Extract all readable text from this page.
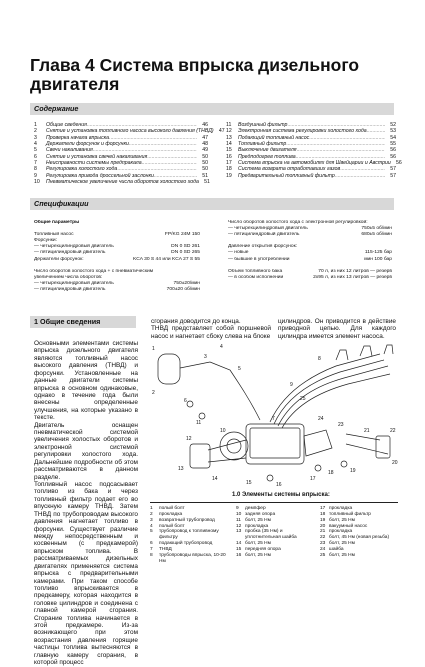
Глава 4 Система впрыска дизельного двигателя
Содержание
1	Общие сведения .....	46
2	Снятие и установка топливного насоса высокого давления (ТНВД)	47
3	Проверка начала впрыска .....	47
4	Держатели форсунок и форсунки .....	48
5	Свечи накаливания .....	49
6	Снятие и установка свечей накаливания .....	50
7	Неисправности системы предпракала .....	50
8	Регулировка холостого хода .....	50
9	Регулировка привода дроссельной заслонки .....	51
10	Пневматическое увеличение числа оборотов холостого хода	51
11	Воздушный фильтр .....	52
12	Электронная система регулировки холостого хода .....	53
13	Подающий топливный насос .....	54
14	Топливный фильтр .....	55
15	Выключение двигателя .....	56
16	Предподогрев топлива .....	56
17	Система впрыска на автомобилях для Швейцарии и Австрии	56
18	Система возврата отработавших газов .....	57
19	Предварительный топливный фильтр .....	57
Спецификации
Общие параметры
Топливный насос	FP/KG 24M 150
Форсунки:
— четырехцилиндровый двигатель	DN 0 SD 261
— пятицилиндровый двигатель	DN 0 SD 265
Держатели форсунок:	KCA 30 S 44 или KCA 27 S 55
Число оборотов холостого хода + с пневматическим
увеличением числа оборотов:
— четырехцилиндровый двигатель	750±20/мин
— пятицилиндровый двигатель	700±20 об/мин
Число оборотов холостого хода с электронной регулировкой:
— четырехцилиндровый двигатель	750±5 об/мин
— пятицилиндровый двигатель	680±5 об/мин
Давление открытия форсунок:
— новые	115-125 бар
— бывшие в употреблении	мин 100 бар
Объем топливного бака	70 л, из них 12 литров — резерв
— в особом исполнении	2x95 л, из них 13 литров — резерв
1 Общие сведения

Основными элементами системы впрыска дизельного двигателя являются топливный насос высокого давления (ТНВД) и форсунки. Установленные на данные двигатели системы впрыска в основном одинаковые, однако в течение года были внесены определенные улучшения, на которые указано в тексте.

Двигатель оснащен пневматической системой увеличения холостых оборотов и электронной системой регулировки холостого хода. Дальнейшие подробности об этом рассматриваются в данном разделе.

Топливный насос подсасывает топливо из бака и через топливный фильтр подает его во впускную камеру ТНВД. Затем ТНВД по трубопроводам высокого давления нагнетает топливо в форсунки. Существует различие между непосредственным и косвенным (с предкамерой) впрыском топлива. В рассматриваемых дизельных двигателях применяется система впрыска с предварительными камерами. При таком способе топливо впрыскивается в предкамеру, которая находится в головке цилиндров и соединена с главной камерой сгорания. Сгорание топлива начинается в этой предкамере. Из-за возникающего при этом возрастания давления горящие частицы топлива вытесняются в главную камеру сгорания, в которой процесс

сгорания доводится до конца.
ТНВД представляет собой поршневой насос и нагнетает сбоку слева на блоке
цилиндров. Он приводится в действие приводной цепью. Для каждого цилиндра имеется элемент насоса.
1
2
3
4
5
6
7
8
9
10
11
12
13
14
15	16
17
18	19
20
21	22
23
24
25
1.0 Элементы системы впрыска:
1	полый болт
2	прокладка
3	возвратный трубопровод
4	полый болт
5	трубопровод к топливному фильтру
6	подающий трубопровод
7	ТНВД
8	трубопроводы впрыска, 10-20 Нм
9	демпфер
10 задняя опора
11 болт, 25 Нм
12 прокладка
13 пробка (35 Нм) и уплотнительная шайба
14 болт, 25 Нм
15 передняя опора
16 болт, 25 Нм
17 прокладка
18 топливный фильтр
19 болт, 25 Нм
20 вакуумный насос
21 прокладка
22 болт, 45 Нм (новая резьба)
23 болт, 25 Нм
24 шайба
25 болт, 25 Нм
